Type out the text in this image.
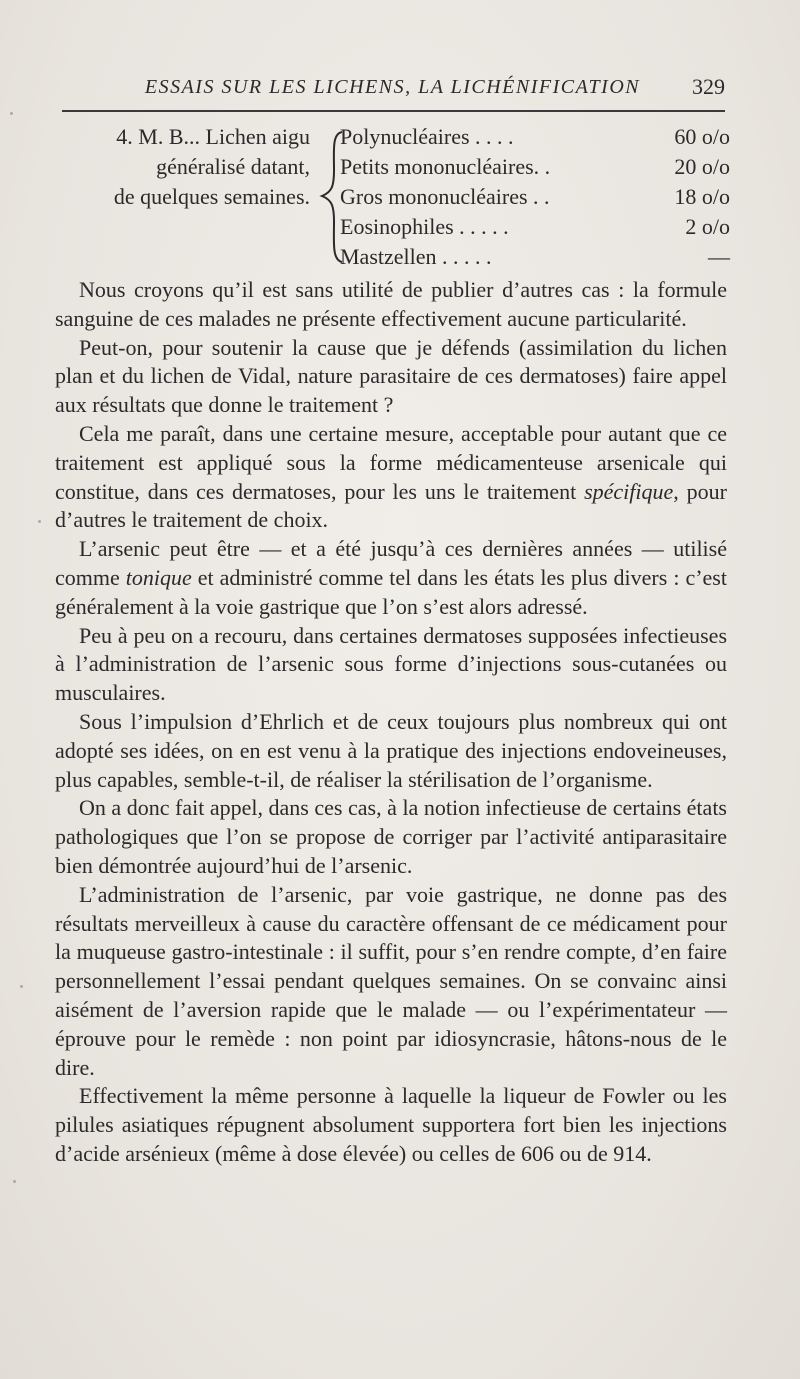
ESSAIS SUR LES LICHENS, LA LICHÉNIFICATION	329
4. M. B... Lichen aigu
généralisé datant,
de quelques semaines.
Polynucléaires . . . .	60 o/o
Petits mononucléaires. .	20 o/o
Gros mononucléaires . .	18 o/o
Eosinophiles . . . . .	2 o/o
Mastzellen . . . . .	—

Nous croyons qu’il est sans utilité de publier d’autres cas : la formule sanguine de ces malades ne présente effectivement aucune particularité.

Peut-on, pour soutenir la cause que je défends (assimilation du lichen plan et du lichen de Vidal, nature parasitaire de ces dermatoses) faire appel aux résultats que donne le traitement ?

Cela me paraît, dans une certaine mesure, acceptable pour autant que ce traitement est appliqué sous la forme médicamenteuse arsenicale qui constitue, dans ces dermatoses, pour les uns le traitement spécifique, pour d’autres le traitement de choix.

L’arsenic peut être — et a été jusqu’à ces dernières années — utilisé comme tonique et administré comme tel dans les états les plus divers : c’est généralement à la voie gastrique que l’on s’est alors adressé.

Peu à peu on a recouru, dans certaines dermatoses supposées infectieuses à l’administration de l’arsenic sous forme d’injections sous-cutanées ou musculaires.

Sous l’impulsion d’Ehrlich et de ceux toujours plus nombreux qui ont adopté ses idées, on en est venu à la pratique des injections endoveineuses, plus capables, semble-t-il, de réaliser la stérilisation de l’organisme.

On a donc fait appel, dans ces cas, à la notion infectieuse de certains états pathologiques que l’on se propose de corriger par l’activité antiparasitaire bien démontrée aujourd’hui de l’arsenic.

L’administration de l’arsenic, par voie gastrique, ne donne pas des résultats merveilleux à cause du caractère offensant de ce médicament pour la muqueuse gastro-intestinale : il suffit, pour s’en rendre compte, d’en faire personnellement l’essai pendant quelques semaines. On se convainc ainsi aisément de l’aversion rapide que le malade — ou l’expérimentateur — éprouve pour le remède : non point par idiosyncrasie, hâtons-nous de le dire.

Effectivement la même personne à laquelle la liqueur de Fowler ou les pilules asiatiques répugnent absolument supportera fort bien les injections d’acide arsénieux (même à dose élevée) ou celles de 606 ou de 914.
